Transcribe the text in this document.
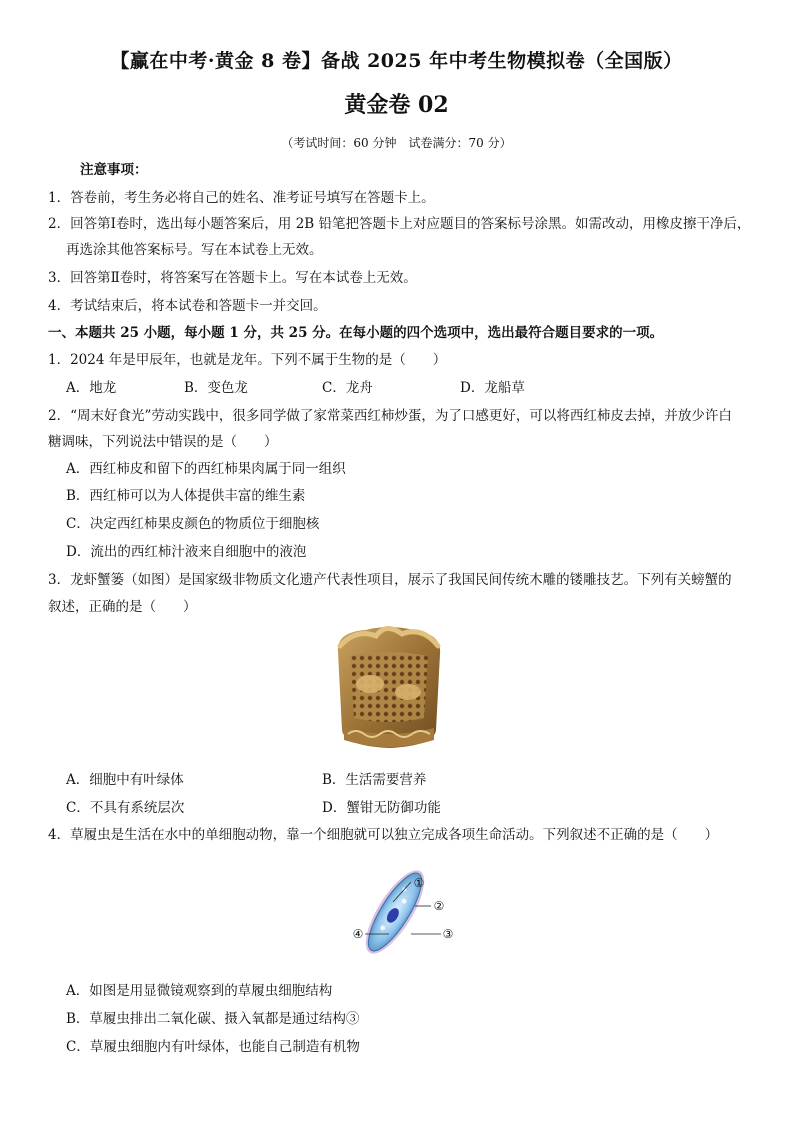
【赢在中考·黄金 8 卷】备战 2025 年中考生物模拟卷（全国版）
黄金卷 02
（考试时间：60 分钟　试卷满分：70 分）
注意事项：
1．答卷前，考生务必将自己的姓名、准考证号填写在答题卡上。
2．回答第Ⅰ卷时，选出每小题答案后，用 2B 铅笔把答题卡上对应题目的答案标号涂黑。如需改动，用橡皮擦干净后，
再选涂其他答案标号。写在本试卷上无效。
3．回答第Ⅱ卷时，将答案写在答题卡上。写在本试卷上无效。
4．考试结束后，将本试卷和答题卡一并交回。
一、本题共 25 小题，每小题 1 分，共 25 分。在每小题的四个选项中，选出最符合题目要求的一项。
1．2024 年是甲辰年，也就是龙年。下列不属于生物的是（　　）
A．地龙	B．变色龙	C．龙舟	D．龙船草
2．“周末好食光”劳动实践中，很多同学做了家常菜西红柿炒蛋，为了口感更好，可以将西红柿皮去掉，并放少许白
糖调味，下列说法中错误的是（　　）
A．西红柿皮和留下的西红柿果肉属于同一组织
B．西红柿可以为人体提供丰富的维生素
C．决定西红柿果皮颜色的物质位于细胞核
D．流出的西红柿汁液来自细胞中的液泡
3．龙虾蟹篓（如图）是国家级非物质文化遗产代表性项目，展示了我国民间传统木雕的镂雕技艺。下列有关螃蟹的
叙述，正确的是（　　）
A．细胞中有叶绿体	B．生活需要营养
C．不具有系统层次	D．蟹钳无防御功能
4．草履虫是生活在水中的单细胞动物，靠一个细胞就可以独立完成各项生命活动。下列叙述不正确的是（　　）
①
②
③
④
A．如图是用显微镜观察到的草履虫细胞结构
B．草履虫排出二氧化碳、摄入氧都是通过结构③
C．草履虫细胞内有叶绿体，也能自己制造有机物
